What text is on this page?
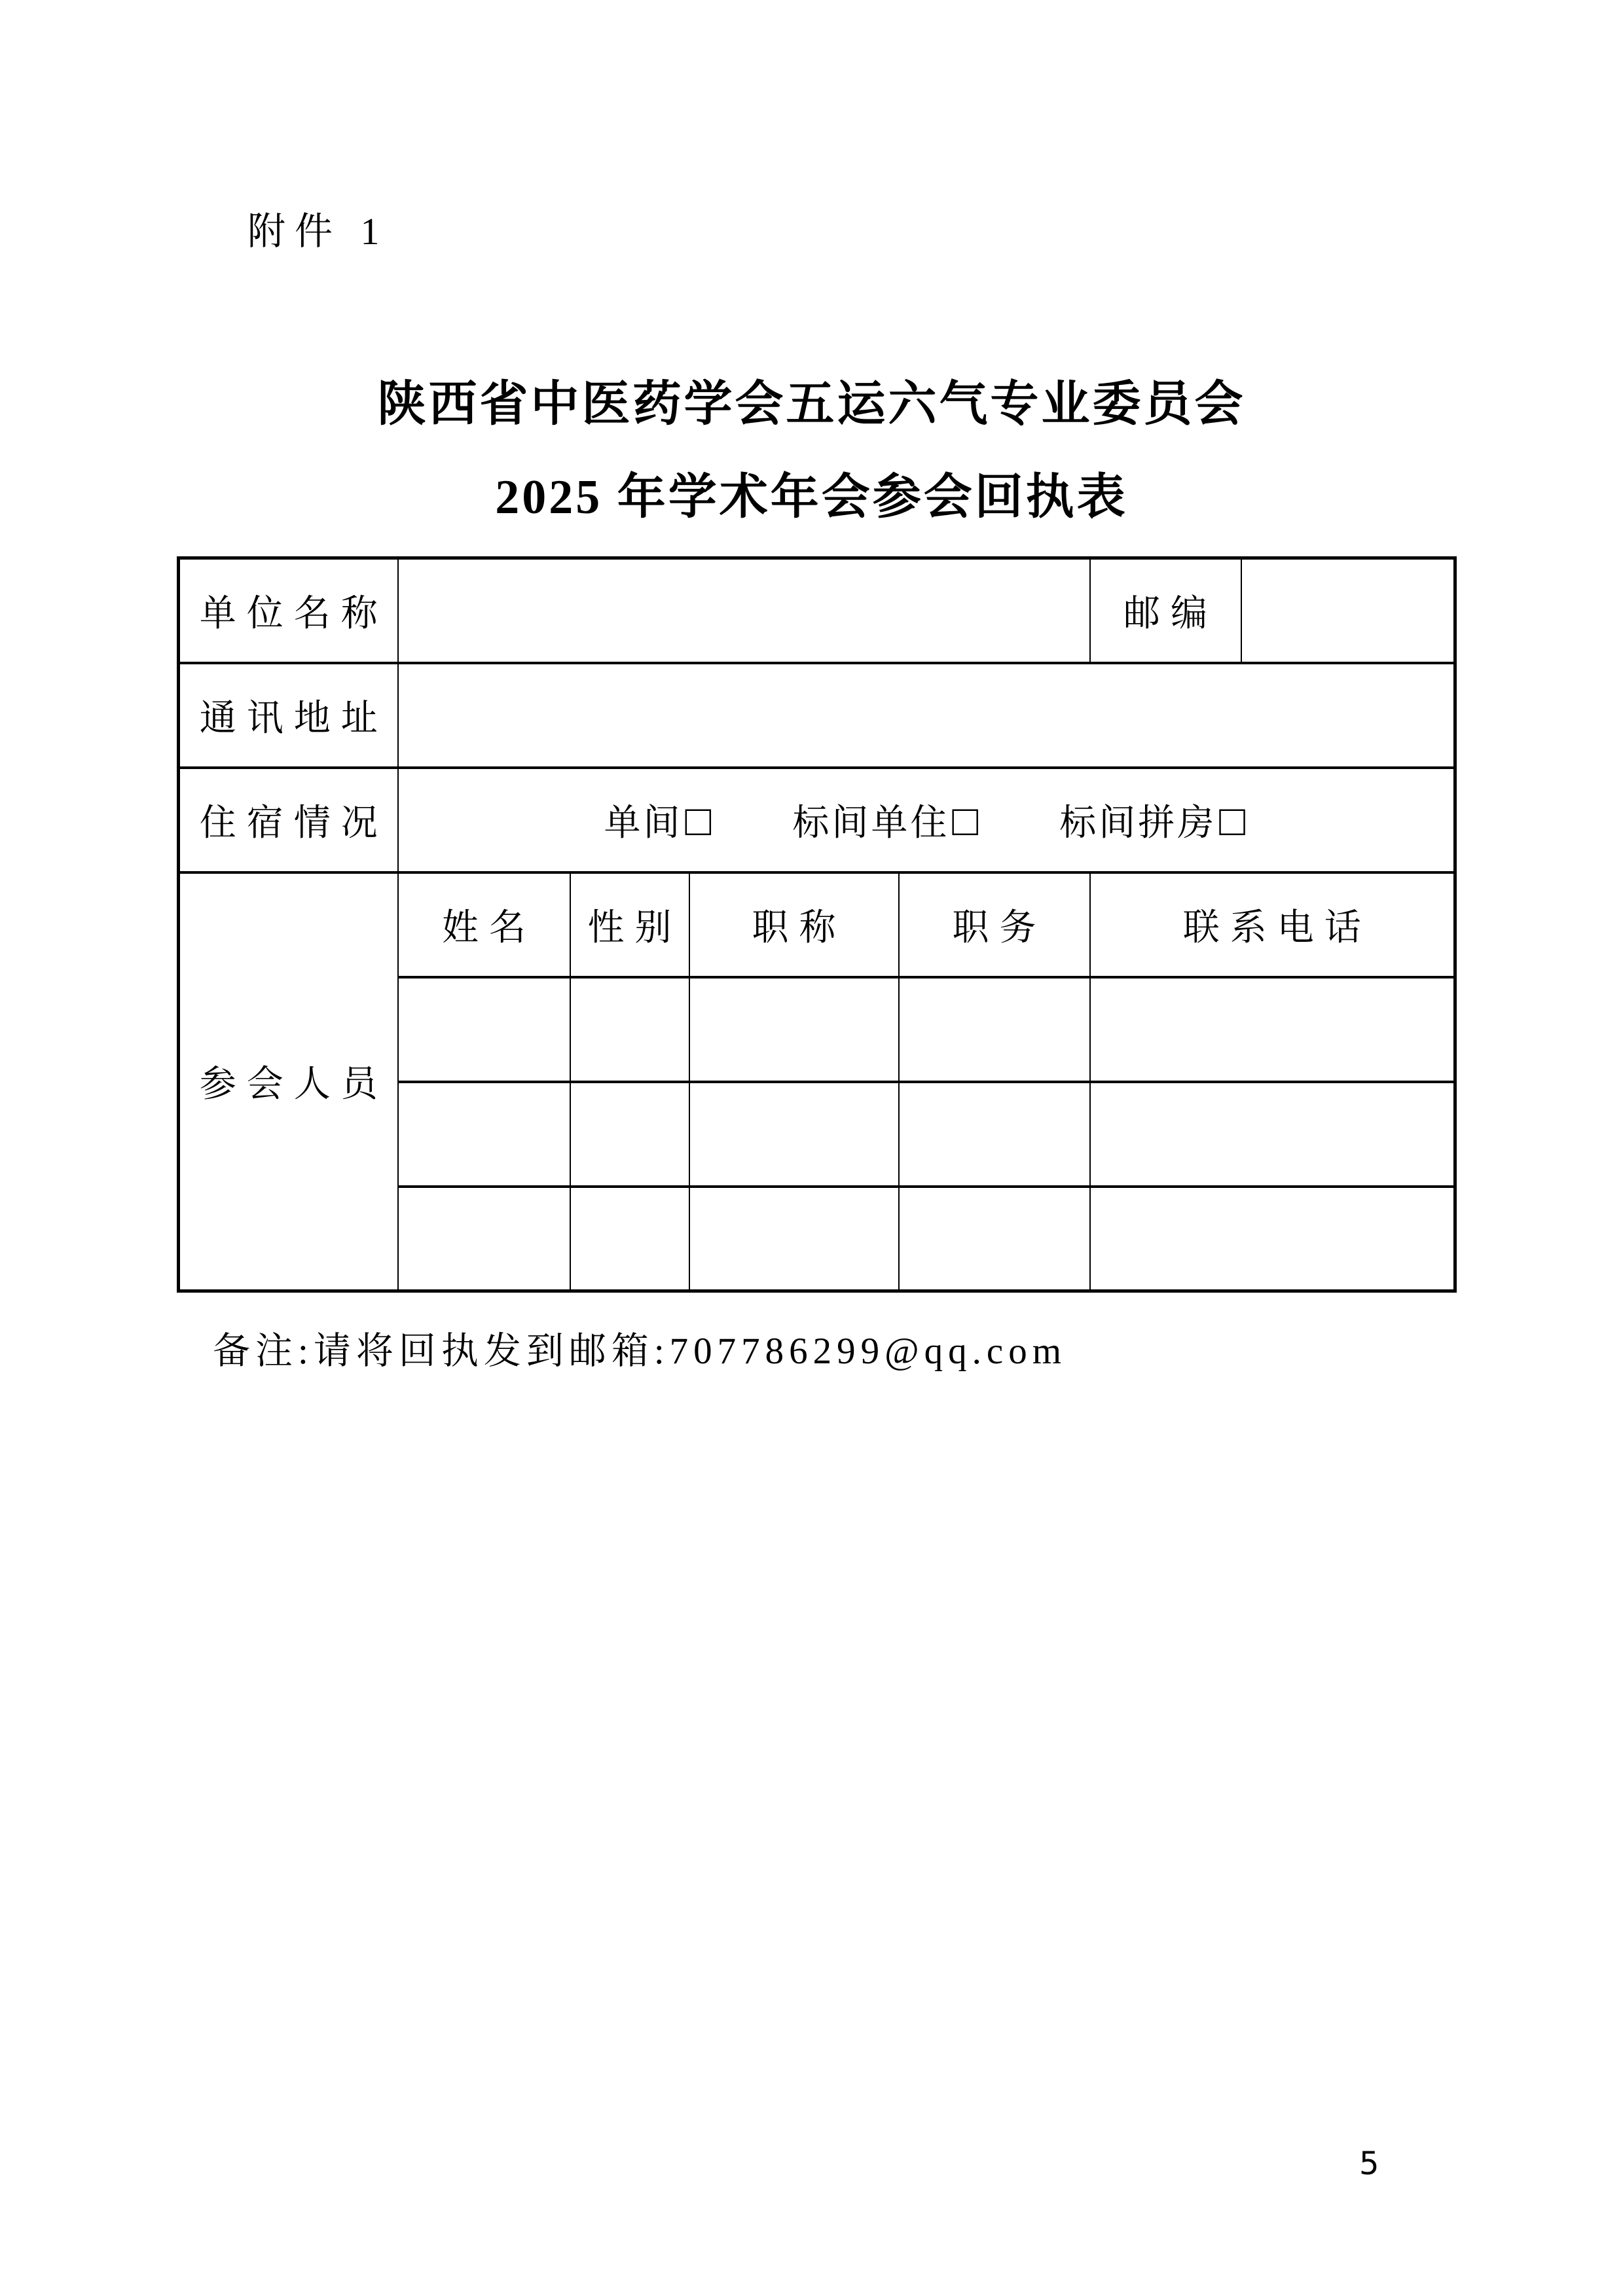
附件 1
陕西省中医药学会五运六气专业委员会
2025 年学术年会参会回执表
单位名称					邮编	
通讯地址						
住宿情况	单间 □ 标间单住 □ 标间拼房 □

参会人员	姓名	性别	职称	职务	联系电话	

备注:请将回执发到邮箱:707786299@qq.com
5
